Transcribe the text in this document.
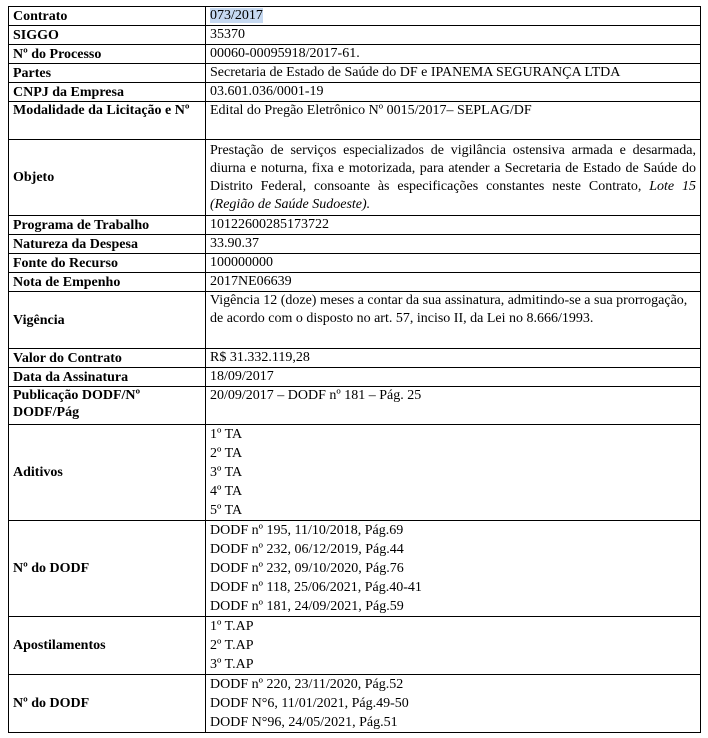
Contrato	073/2017
SIGGO	35370
Nº do Processo	00060-00095918/2017-61.
Partes	Secretaria de Estado de Saúde do DF e IPANEMA SEGURANÇA LTDA
CNPJ da Empresa	03.601.036/0001-19
Modalidade da Licitação e Nº	Edital do Pregão Eletrônico Nº 0015/2017– SEPLAG/DF
Objeto	Prestação de serviços especializados de vigilância ostensiva armada e desarmada, diurna e noturna, fixa e motorizada, para atender a Secretaria de Estado de Saúde do Distrito Federal, consoante às especificações constantes neste Contrato, Lote 15 (Região de Saúde Sudoeste).
Programa de Trabalho	10122600285173722
Natureza da Despesa	33.90.37
Fonte do Recurso	100000000
Nota de Empenho	2017NE06639
Vigência	Vigência 12 (doze) meses a contar da sua assinatura, admitindo-se a sua prorrogação, de acordo com o disposto no art. 57, inciso II, da Lei no 8.666/1993.
Valor do Contrato	R$ 31.332.119,28
Data da Assinatura	18/09/2017
Publicação DODF/Nº DODF/Pág	20/09/2017 – DODF nº 181 – Pág. 25
Aditivos	1º TA
2º TA
3º TA
4º TA
5º TA

Nº do DODF	DODF nº 195, 11/10/2018, Pág.69
DODF nº 232, 06/12/2019, Pág.44
DODF nº 232, 09/10/2020, Pág.76
DODF nº 118, 25/06/2021, Pág.40-41
DODF nº 181, 24/09/2021, Pág.59

Apostilamentos	1º T.AP
2º T.AP
3º T.AP

Nº do DODF	DODF nº 220, 23/11/2020, Pág.52
DODF N°6, 11/01/2021, Pág.49-50
DODF N°96, 24/05/2021, Pág.51
